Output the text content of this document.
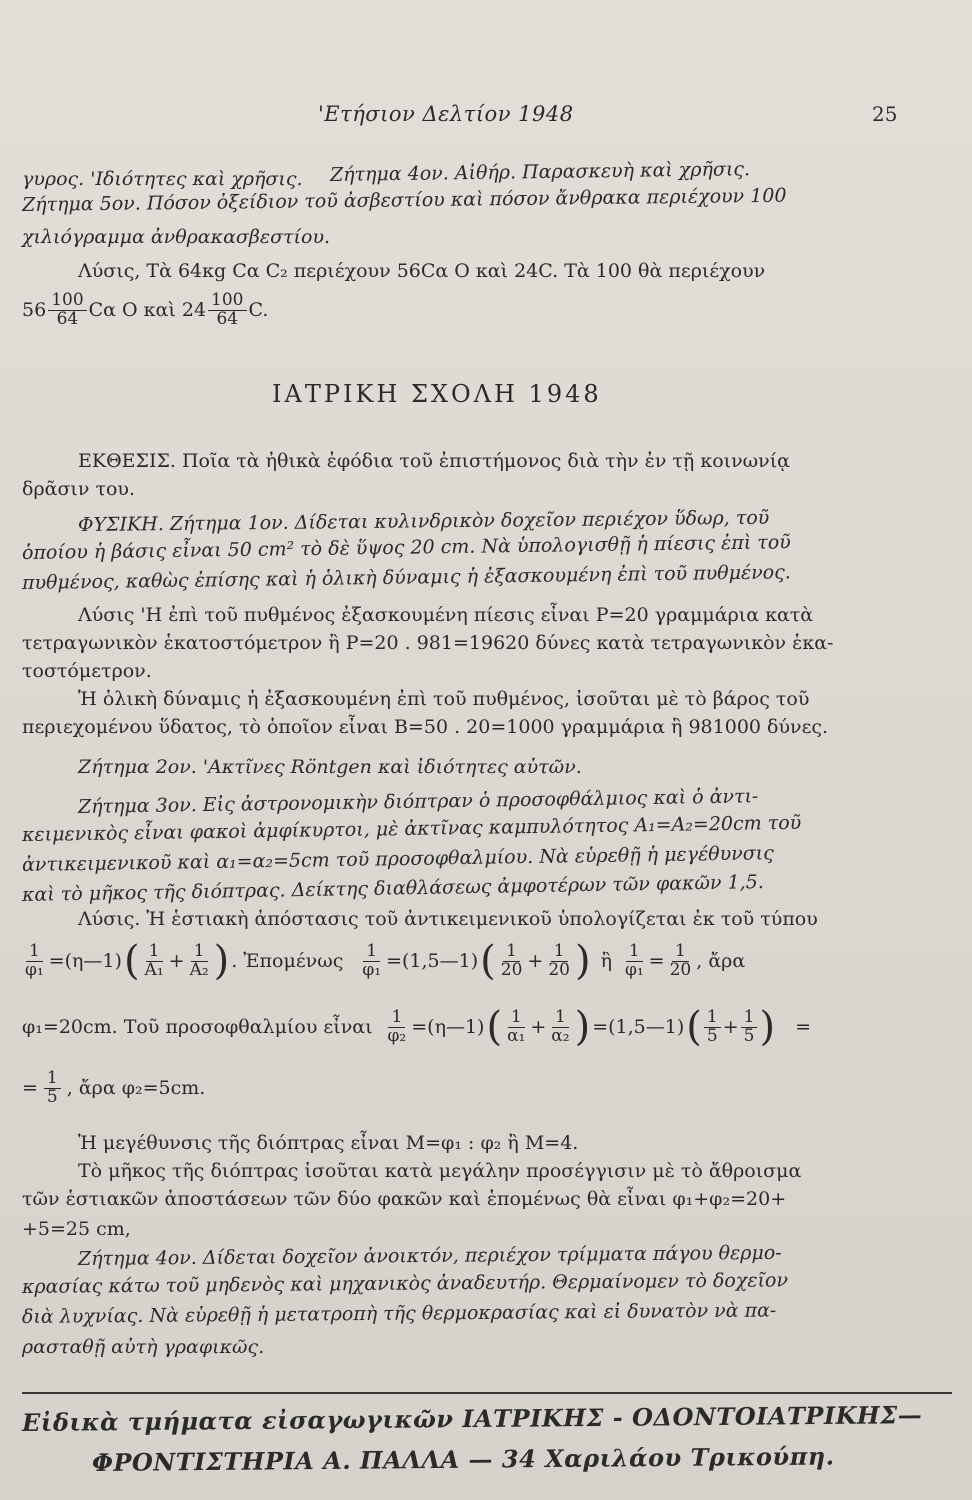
'Ετήσιον Δελτίον 1948	25
γυρος. 'Ιδιότητες καὶ χρῆσις. Ζήτημα 4ον. Αἰθήρ. Παρασκευὴ καὶ χρῆσις.
Ζήτημα 5ον. Πόσον ὀξείδιον τοῦ ἀσβεστίου καὶ πόσον ἄνθρακα περιέχουν 100
χιλιόγραμμα ἀνθρακασβεστίου.
Λύσις, Τὰ 64κg Cα C₂ περιέχουν 56Cα O καὶ 24C. Τὰ 100 θὰ περιέχουν
$56 \frac{100}{64}$ Cα O καὶ $24 \frac{100}{64} C$.
ΙΑΤΡΙΚΗ ΣΧΟΛΗ 1948
ΕΚΘΕΣΙΣ. Ποῖα τὰ ἠθικὰ ἐφόδια τοῦ ἐπιστήμονος διὰ τὴν ἐν τῇ κοινωνίᾳ
δρᾶσιν του.
ΦΥΣΙΚΗ. Ζήτημα 1ον. Δίδεται κυλινδρικὸν δοχεῖον περιέχον ὕδωρ, τοῦ
ὁποίου ἡ βάσις εἶναι 50 cm² τὸ δὲ ὕψος 20 cm. Νὰ ὑπολογισθῇ ἡ πίεσις ἐπὶ τοῦ
πυθμένος, καθὼς ἐπίσης καὶ ἡ ὁλικὴ δύναμις ἡ ἐξασκουμένη ἐπὶ τοῦ πυθμένος.
Λύσις 'Η ἐπὶ τοῦ πυθμένος ἐξασκουμένη πίεσις εἶναι P=20 γραμμάρια κατὰ
τετραγωνικὸν ἑκατοστόμετρον ἢ P=20 . 981=19620 δύνες κατὰ τετραγωνικὸν ἑκα-
τοστόμετρον.
Ἡ ὁλικὴ δύναμις ἡ ἐξασκουμένη ἐπὶ τοῦ πυθμένος, ἰσοῦται μὲ τὸ βάρος τοῦ
περιεχομένου ὕδατος, τὸ ὁποῖον εἶναι B=50 . 20=1000 γραμμάρια ἢ 981000 δύνες.
Ζήτημα 2ον. 'Ακτῖνες Röntgen καὶ ἰδιότητες αὐτῶν.
Ζήτημα 3ον. Εἰς ἀστρονομικὴν διόπτραν ὁ προσοφθάλμιος καὶ ὁ ἀντι-
κειμενικὸς εἶναι φακοὶ ἀμφίκυρτοι, μὲ ἀκτῖνας καμπυλότητος A₁=A₂=20cm τοῦ
ἀντικειμενικοῦ καὶ α₁=α₂=5cm τοῦ προσοφθαλμίου. Νὰ εὑρεθῇ ἡ μεγέθυνσις
καὶ τὸ μῆκος τῆς διόπτρας. Δείκτης διαθλάσεως ἀμφοτέρων τῶν φακῶν 1,5.
Λύσις. Ἡ ἑστιακὴ ἀπόστασις τοῦ ἀντικειμενικοῦ ὑπολογίζεται ἐκ τοῦ τύπου
$\frac{1}{\text{φ₁}}$ =(η—1) ( $\frac{1}{\text{A₁}} + \frac{1}{\text{A₂}}$ ) . Ἐπομένως $\frac{1}{\text{φ₁}}$ =(1,5—1) ( $\frac{1}{20} + \frac{1}{20}$ ) ἢ $\frac{1}{\text{φ₁}} = \frac{1}{20}$ , ἄρα
φ₁=20cm. Τοῦ προσοφθαλμίου εἶναι $\frac{1}{\text{φ₂}}$ =(η—1) ( $\frac{1}{\text{α₁}} + \frac{1}{\text{α₂}}$ ) =(1,5—1) ( $\frac{1}{5} + \frac{1}{5}$ ) =
= $\frac{1}{5}$ , ἄρα φ₂=5cm.
Ἡ μεγέθυνσις τῆς διόπτρας εἶναι M=φ₁ : φ₂ ἢ M=4.
Τὸ μῆκος τῆς διόπτρας ἰσοῦται κατὰ μεγάλην προσέγγισιν μὲ τὸ ἄθροισμα
τῶν ἑστιακῶν ἀποστάσεων τῶν δύο φακῶν καὶ ἑπομένως θὰ εἶναι φ₁+φ₂=20+
+5=25 cm,
Ζήτημα 4ον. Δίδεται δοχεῖον ἀνοικτόν, περιέχον τρίμματα πάγου θερμο-
κρασίας κάτω τοῦ μηδενὸς καὶ μηχανικὸς ἀναδευτήρ. Θερμαίνομεν τὸ δοχεῖον
διὰ λυχνίας. Νὰ εὑρεθῇ ἡ μετατροπὴ τῆς θερμοκρασίας καὶ εἰ δυνατὸν νὰ πα-
ρασταθῇ αὐτὴ γραφικῶς.
Εἰδικὰ τμήματα εἰσαγωγικῶν ΙΑΤΡΙΚΗΣ - ΟΔΟΝΤΟΙΑΤΡΙΚΗΣ—
ΦΡΟΝΤΙΣΤΗΡΙΑ Α. ΠΑΛΛΑ — 34 Χαριλάου Τρικούπη.
